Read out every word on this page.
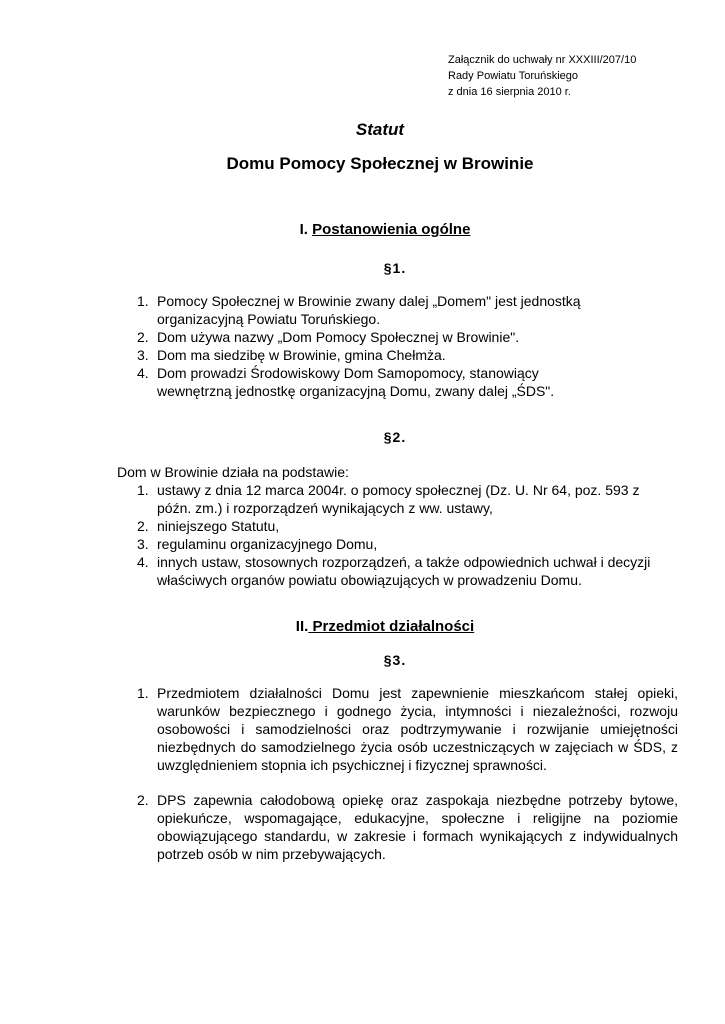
Załącznik do uchwały nr XXXIII/207/10
Rady Powiatu Toruńskiego
z dnia 16 sierpnia 2010 r.
Statut
Domu Pomocy Społecznej w Browinie
I. Postanowienia ogólne
§1.
1. Pomocy Społecznej w Browinie zwany dalej „Domem" jest jednostką organizacyjną Powiatu Toruńskiego.
2. Dom używa nazwy „Dom Pomocy Społecznej w Browinie".
3. Dom ma siedzibę w Browinie, gmina Chełmża.
4. Dom prowadzi Środowiskowy Dom Samopomocy, stanowiący wewnętrzną jednostkę organizacyjną Domu, zwany dalej „ŚDS".
§2.
Dom w Browinie działa na podstawie:
1. ustawy z dnia 12 marca 2004r. o pomocy społecznej (Dz. U. Nr 64, poz. 593 z późn. zm.) i rozporządzeń wynikających z ww. ustawy,
2. niniejszego Statutu,
3. regulaminu organizacyjnego Domu,
4. innych ustaw, stosownych rozporządzeń, a także odpowiednich uchwał i decyzji właściwych organów powiatu obowiązujących w prowadzeniu Domu.
II. Przedmiot działalności
§3.
1. Przedmiotem działalności Domu jest zapewnienie mieszkańcom stałej opieki, warunków bezpiecznego i godnego życia, intymności i niezależności, rozwoju osobowości i samodzielności oraz podtrzymywanie i rozwijanie umiejętności niezbędnych do samodzielnego życia osób uczestniczących w zajęciach w ŚDS, z uwzględnieniem stopnia ich psychicznej i fizycznej sprawności.
2. DPS zapewnia całodobową opiekę oraz zaspokaja niezbędne potrzeby bytowe, opiekuńcze, wspomagające, edukacyjne, społeczne i religijne na poziomie obowiązującego standardu, w zakresie i formach wynikających z indywidualnych potrzeb osób w nim przebywających.
